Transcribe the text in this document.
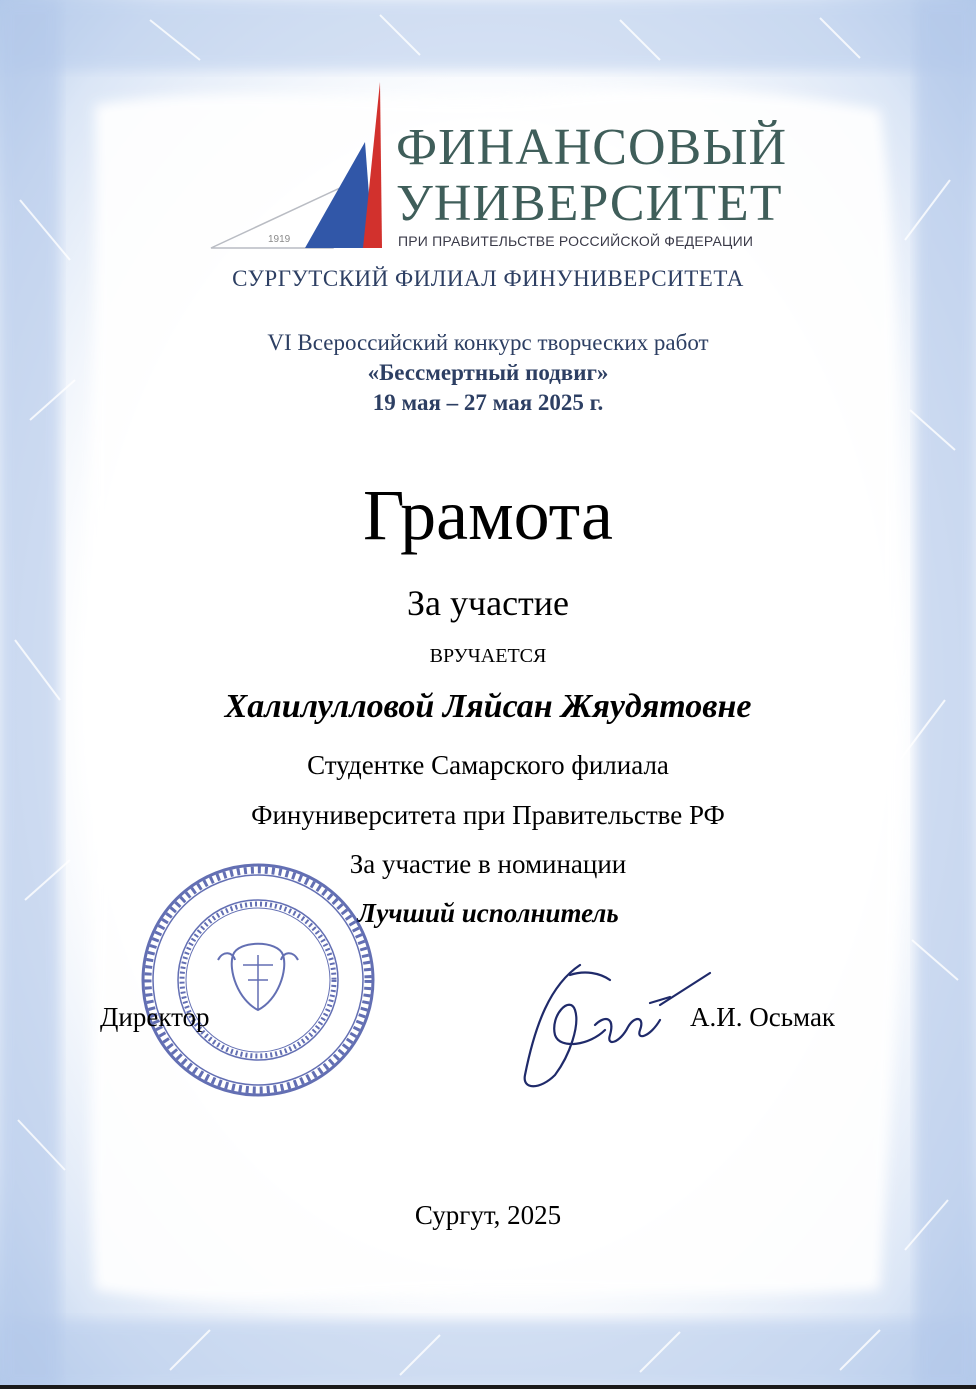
1919
ФИНАНСОВЫЙ
УНИВЕРСИТЕТ
ПРИ ПРАВИТЕЛЬСТВЕ РОССИЙСКОЙ ФЕДЕРАЦИИ
СУРГУТСКИЙ ФИЛИАЛ ФИНУНИВЕРСИТЕТА
VI Всероссийский конкурс творческих работ
«Бессмертный подвиг»
19 мая – 27 мая 2025 г.
Грамота
За участие
ВРУЧАЕТСЯ
Халилулловой Ляйсан Жяудятовне
Студентке Самарского филиала
Финуниверситета при Правительстве РФ
За участие в номинации
Лучший исполнитель
Директор	А.И. Осьмак
Сургут, 2025
